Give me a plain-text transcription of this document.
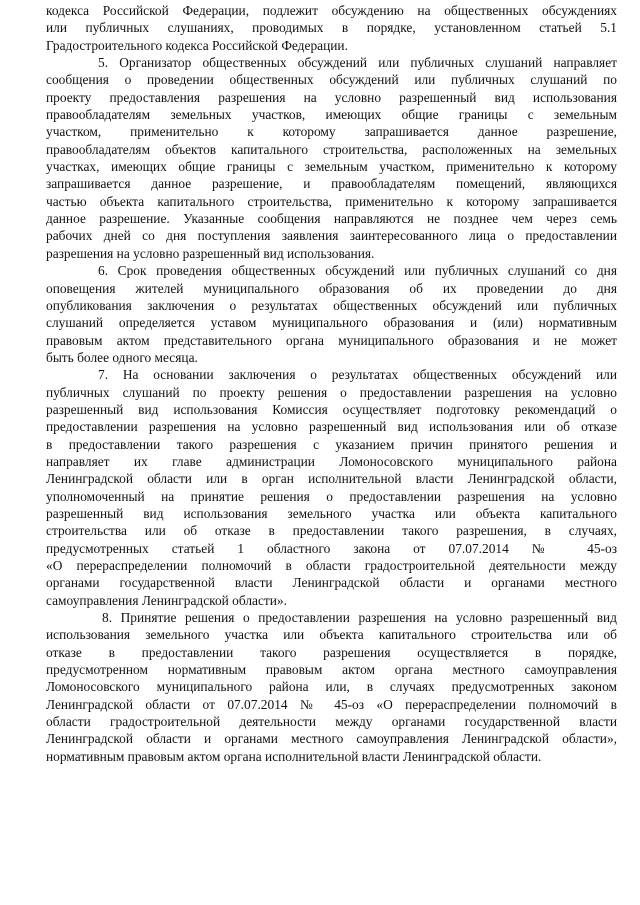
кодекса Российской Федерации, подлежит обсуждению на общественных обсуждениях
или публичных слушаниях, проводимых в порядке, установленном статьей 5.1
Градостроительного кодекса Российской Федерации.
5. Организатор общественных обсуждений или публичных слушаний направляет
сообщения о проведении общественных обсуждений или публичных слушаний по
проекту предоставления разрешения на условно разрешенный вид использования
правообладателям земельных участков, имеющих общие границы с земельным
участком, применительно к которому запрашивается данное разрешение,
правообладателям объектов капитального строительства, расположенных на земельных
участках, имеющих общие границы с земельным участком, применительно к которому
запрашивается данное разрешение, и правообладателям помещений, являющихся
частью объекта капитального строительства, применительно к которому запрашивается
данное разрешение. Указанные сообщения направляются не позднее чем через семь
рабочих дней со дня поступления заявления заинтересованного лица о предоставлении
разрешения на условно разрешенный вид использования.
6. Срок проведения общественных обсуждений или публичных слушаний со дня
оповещения жителей муниципального образования об их проведении до дня
опубликования заключения о результатах общественных обсуждений или публичных
слушаний определяется уставом муниципального образования и (или) нормативным
правовым актом представительного органа муниципального образования и не может
быть более одного месяца.
7. На основании заключения о результатах общественных обсуждений или
публичных слушаний по проекту решения о предоставлении разрешения на условно
разрешенный вид использования Комиссия осуществляет подготовку рекомендаций о
предоставлении разрешения на условно разрешенный вид использования или об отказе
в предоставлении такого разрешения с указанием причин принятого решения и
направляет их главе администрации Ломоносовского муниципального района
Ленинградской области или в орган исполнительной власти Ленинградской области,
уполномоченный на принятие решения о предоставлении разрешения на условно
разрешенный вид использования земельного участка или объекта капитального
строительства или об отказе в предоставлении такого разрешения, в случаях,
предусмотренных статьей 1 областного закона от 07.07.2014 № 45-оз
«О перераспределении полномочий в области градостроительной деятельности между
органами государственной власти Ленинградской области и органами местного
самоуправления Ленинградской области».
8. Принятие решения о предоставлении разрешения на условно разрешенный вид
использования земельного участка или объекта капитального строительства или об
отказе в предоставлении такого разрешения осуществляется в порядке,
предусмотренном нормативным правовым актом органа местного самоуправления
Ломоносовского муниципального района или, в случаях предусмотренных законом
Ленинградской области от 07.07.2014 № 45-оз «О перераспределении полномочий в
области градостроительной деятельности между органами государственной власти
Ленинградской области и органами местного самоуправления Ленинградской области»,
нормативным правовым актом органа исполнительной власти Ленинградской области.
